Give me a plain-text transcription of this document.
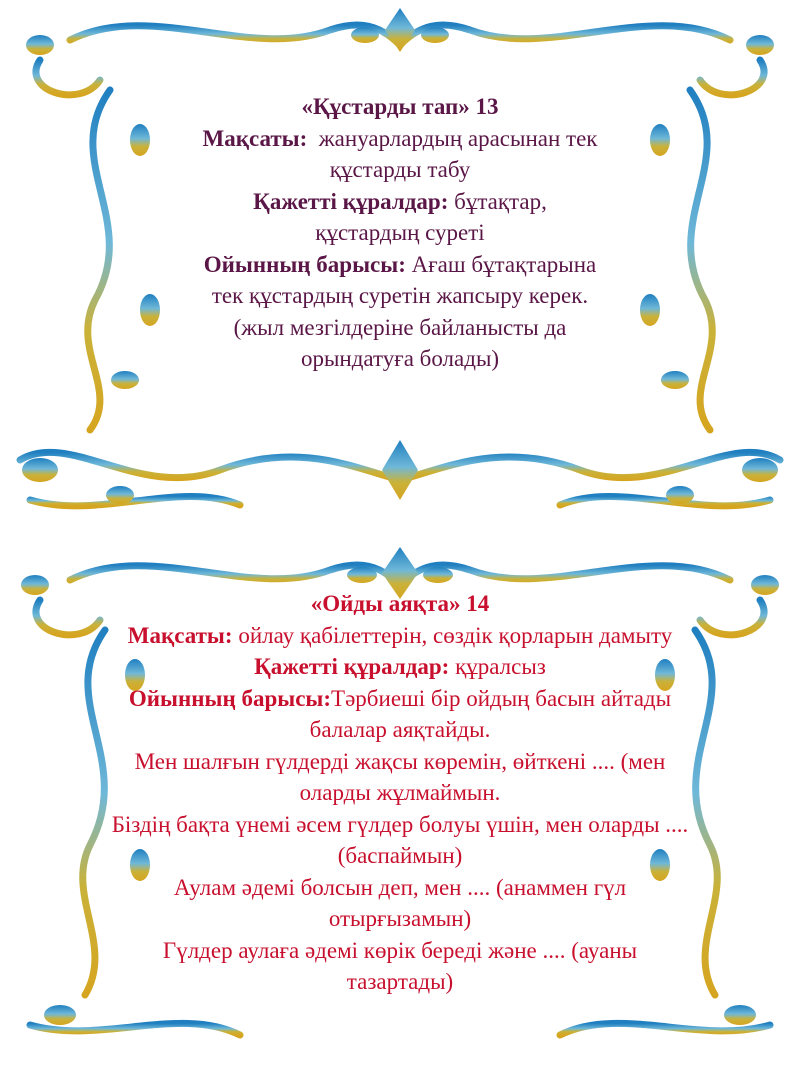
«Құстарды тап» 13
Мақсаты: жануарлардың арасынан тек
құстарды табу
Қажетті құралдар: бұтақтар,
құстардың суреті
Ойынның барысы: Ағаш бұтақтарына
тек құстардың суретін жапсыру керек.
(жыл мезгілдеріне байланысты да
орындатуға болады)
«Ойды аяқта» 14
Мақсаты: ойлау қабілеттерін, сөздік қорларын дамыту
Қажетті құралдар: құралсыз
Ойынның барысы:Тәрбиеші бір ойдың басын айтады
балалар аяқтайды.
Мен шалғын гүлдерді жақсы көремін, өйткені .... (мен
оларды жұлмаймын.
Біздің бақта үнемі әсем гүлдер болуы үшін, мен оларды ....
(баспаймын)
Аулам әдемі болсын деп, мен .... (анаммен гүл
отырғызамын)
Гүлдер аулаға әдемі көрік береді және .... (ауаны
тазартады)
